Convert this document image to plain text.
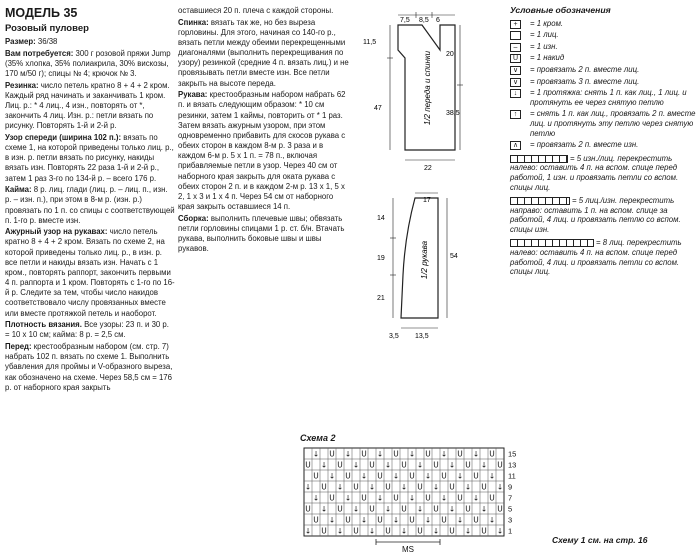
МОДЕЛЬ 35
Розовый пуловер

Размер: 36/38

Вам потребуется: 300 г розовой пряжи Jump (35% хлопка, 35% полиакрила, 30% вискозы, 170 м/50 г); спицы № 4; крючок № 3.

Резинка: число петель кратно 8 + 4 + 2 кром. Каждый ряд начинать и заканчивать 1 кром. Лиц. р.: * 4 лиц., 4 изн., повторять от *, закончить 4 лиц. Изн. р.: петли вязать по рисунку. Повторять 1-й и 2-й р.

Узор спереди (ширина 102 п.): вязать по схеме 1, на которой приведены только лиц. р., в изн. р. петли вязать по рисунку, накиды вязать изн. Повторять 22 раза 1-й и 2-й р., затем 1 раз 3-го по 134-й р. – всего 176 р.

Кайма: 8 р. лиц. глади (лиц. р. – лиц. п., изн. р. – изн. п.), при этом в 8-м р. (изн. р.) провязать по 1 п. со спицы с соответствующей п. 1-го р. вместе изн.

Ажурный узор на рукавах: число петель кратно 8 + 4 + 2 кром. Вязать по схеме 2, на которой приведены только лиц. р., в изн. р. все петли и накиды вязать изн. Начать с 1 кром., повторять раппорт, закончить первыми 4 п. раппорта и 1 кром. Повторять с 1-го по 16-й р. Следите за тем, чтобы число накидов соответствовало числу провязанных вместе или вместе протяжкой петель и наоборот.

Плотность вязания. Все узоры: 23 п. и 30 р. = 10 x 10 см; кайма: 8 р. = 2,5 см.

Перед: крестообразным набором (см. стр. 7) набрать 102 п. вязать по схеме 1. Выполнить убавления для проймы и V-образного выреза, как обозначено на схеме. Через 58,5 см = 176 р. от наборного края закрыть

оставшиеся 20 п. плеча с каждой стороны.

Спинка: вязать так же, но без выреза горловины. Для этого, начиная со 140-го р., вязать петли между обеими перекрещенными диагоналями (выполнить перекрещивания по узору) резинкой (средние 4 п. вязать лиц.) и не провязывать петли вместе изн. Все петли закрыть на высоте переда.

Рукава: крестообразным набором набрать 62 п. и вязать следующим образом: * 10 см резинки, затем 1 каймы, повторить от * 1 раз. Затем вязать ажурным узором, при этом одновременно прибавить для скосов рукава с обеих сторон в каждом 8-м р. 3 раза и в каждом 6-м р. 5 x 1 п. = 78 п., включая прибавляемые петли в узор. Через 40 см от наборного края закрыть для оката рукава с обеих сторон 2 п. и в каждом 2-м р. 13 x 1, 5 x 2, 1 x 3 и 1 x 4 п. Через 54 см от наборного края закрыть оставшиеся 14 п.

Сборка: выполнить плечевые швы; обвязать петли горловины спицами 1 р. ст. б/н. Втачать рукава, выполнить боковые швы и швы рукавов.

7,5 8,5 6
11,5
47
20
38,5
22
1/2 переда и спинки
17
14
19
21
54
3,5 13,5
1/2 рукава
Условные обозначения
+	= 1 кром.
= 1 лиц.
–	= 1 изн.
U	= 1 накид
∨	= провязать 2 п. вместе лиц.
∨	= провязать 3 п. вместе лиц.
↓	= 1 протяжка: снять 1 п. как лиц., 1 лиц. и протянуть ее через снятую петлю
↑	= снять 1 п. как лиц., провязать 2 п. вместе лиц. и протянуть эту петлю через снятую петлю
∧	= провязать 2 п. вместе изн.
= 5 изн./лиц. перекрестить налево: оставить 4 п. на вспом. спице перед работой, 1 изн. и провязать петли со вспом. спицы лиц.
= 5 лиц./изн. перекрестить направо: оставить 1 п. на вспом. спице за работой, 4 лиц. и провязать петлю со вспом. спицы изн.
= 8 лиц. перекрестить налево: оставить 4 п. на вспом. спице перед работой, 4 лиц. и провязать петли со вспом. спицы лиц.
Схема 2
↓ U ↓ U ↓ U ↓ U ↓ U ↓ U 15
U ↓ U ↓ U ↓ U ↓ U ↓ U ↓ U 13
U ↓ U ↓ U ↓ U ↓ U ↓ U ↓ 11
↓ U ↓ U ↓ U ↓ U ↓ U ↓ U ↓ 9
↓ U ↓ U ↓ U ↓ U ↓ U ↓ U 7
U ↓ U ↓ U ↓ U ↓ U ↓ U ↓ U 5
U ↓ U ↓ U ↓ U ↓ U ↓ U ↓ 3
↓ U ↓ U ↓ U ↓ U ↓ U ↓ U ↓ 1
MS
Схему 1 см. на стр. 16
